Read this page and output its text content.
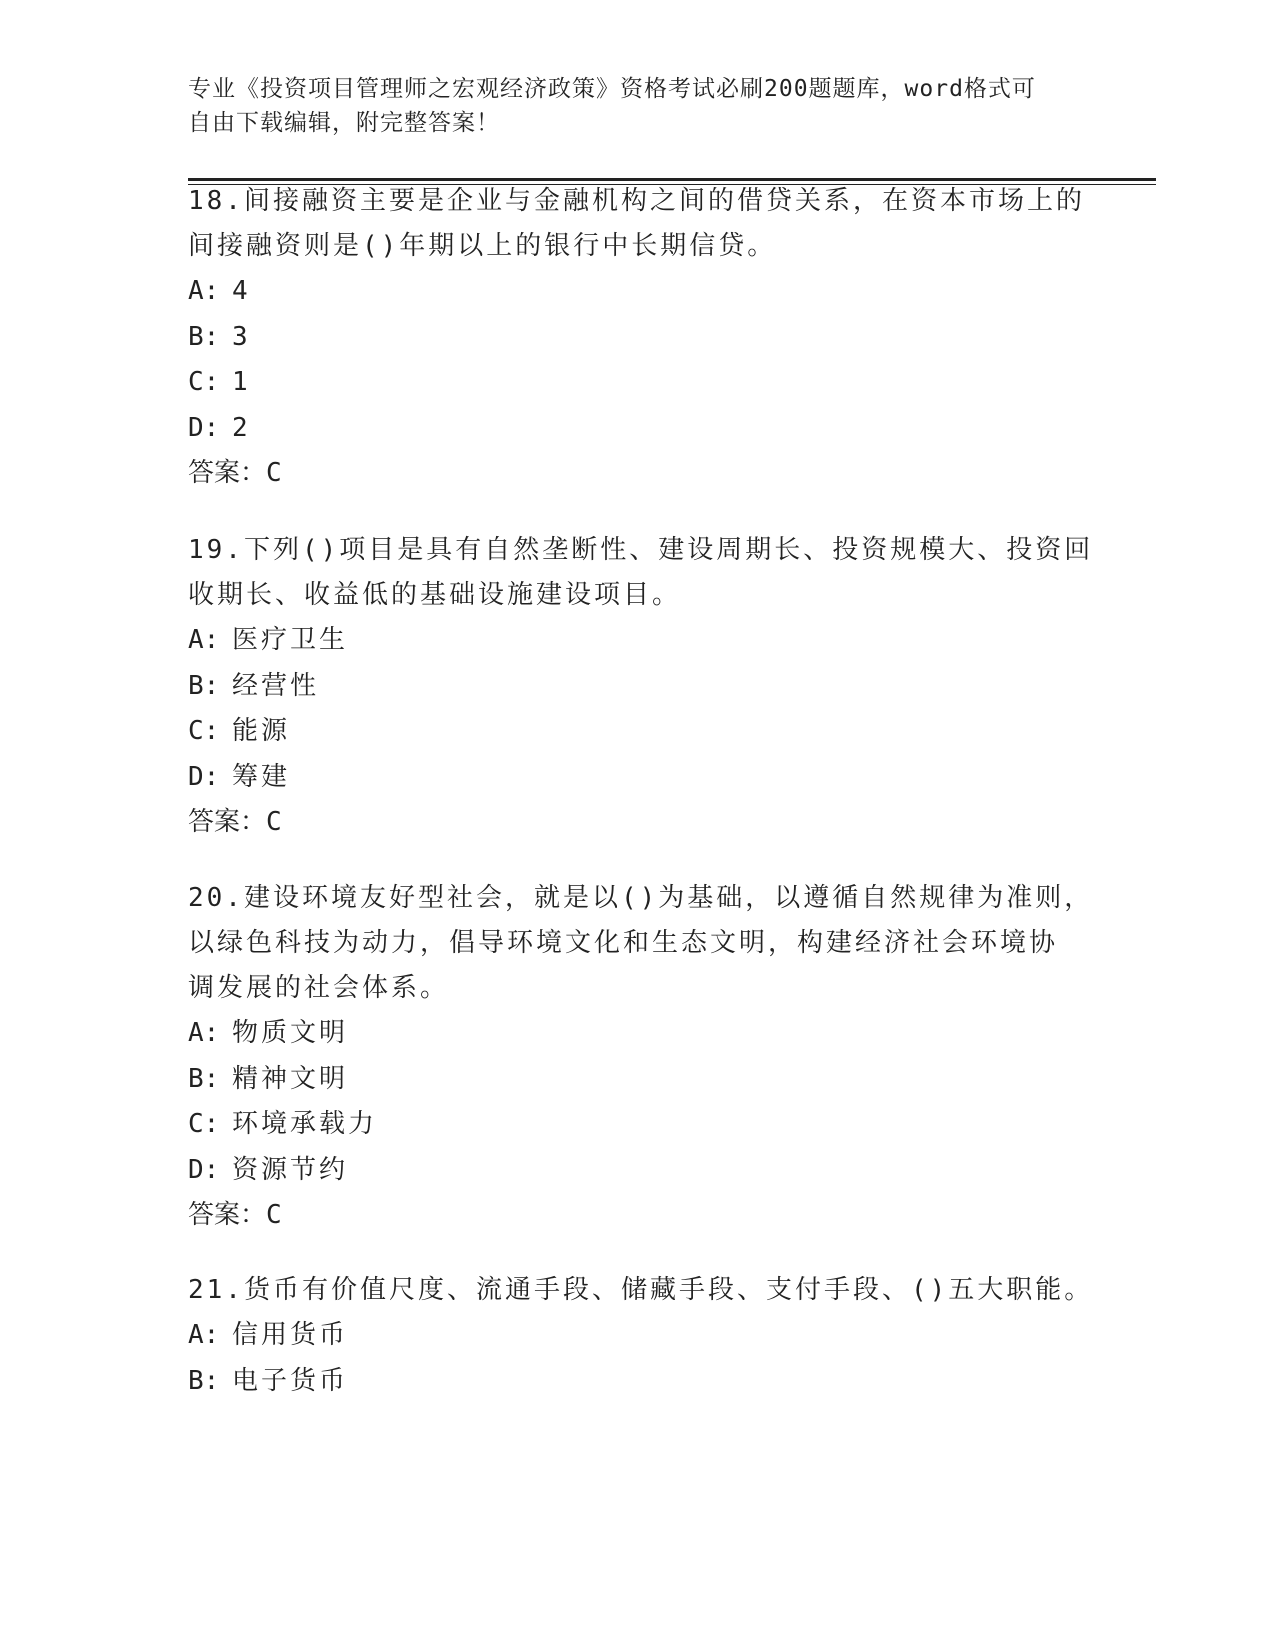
专业《投资项目管理师之宏观经济政策》资格考试必刷200题题库，word格式可
自由下载编辑，附完整答案！
18.间接融资主要是企业与金融机构之间的借贷关系，在资本市场上的
间接融资则是()年期以上的银行中长期信贷。
A: 4
B: 3
C: 1
D: 2
答案：C
19.下列()项目是具有自然垄断性、建设周期长、投资规模大、投资回
收期长、收益低的基础设施建设项目。
A: 医疗卫生
B: 经营性
C: 能源
D: 筹建
答案：C
20.建设环境友好型社会，就是以()为基础，以遵循自然规律为准则，
以绿色科技为动力，倡导环境文化和生态文明，构建经济社会环境协
调发展的社会体系。
A: 物质文明
B: 精神文明
C: 环境承载力
D: 资源节约
答案：C
21.货币有价值尺度、流通手段、储藏手段、支付手段、()五大职能。
A: 信用货币
B: 电子货币
